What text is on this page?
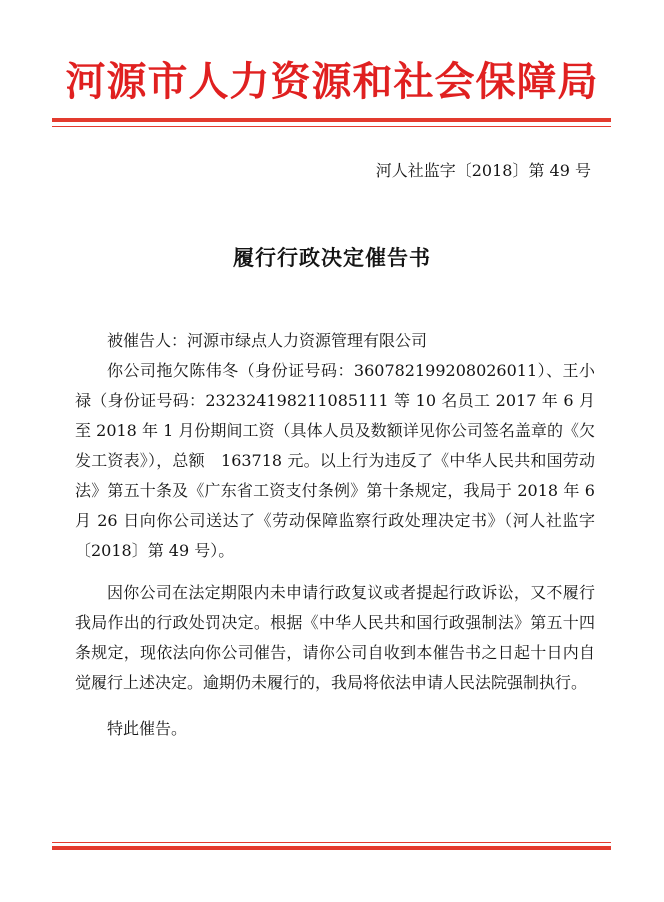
河源市人力资源和社会保障局
河人社监字〔2018〕第 49 号
履行行政决定催告书

被催告人：河源市绿点人力资源管理有限公司

你公司拖欠陈伟冬（身份证号码：36078219920802601​1）、王小禄（身份证号码：23232419821108511​1 等 10 名员工 2017 年 6 月至 2018 年 1 月份期间工资（具体人员及数额详见你公司签名盖章的《欠发工资表》），总额　163718 元。以上行为违反了《中华人民共和国劳动法》第五十条及《广东省工资支付条例》第十条规定，我局于 2018 年 6 月 26 日向你公司送达了《劳动保障监察行政处理决定书》（河人社监字〔2018〕第 49 号）。

因你公司在法定期限内未申请行政复议或者提起行政诉讼，又不履行我局作出的行政处罚决定。根据《中华人民共和国行政强制法》第五十四条规定，现依法向你公司催告，请你公司自收到本催告书之日起十日内自觉履行上述决定。逾期仍未履行的，我局将依法申请人民法院强制执行。

特此催告。
